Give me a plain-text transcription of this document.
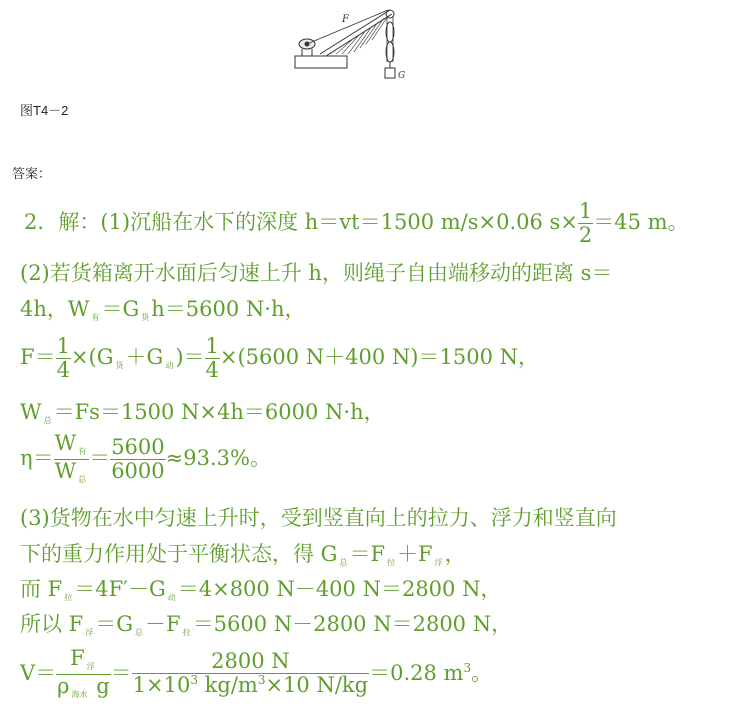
F
G
图T4－2
答案：
2．解：(1)沉船在水下的深度 h＝vt＝1500 m/s×0.06 $s\times \frac{1}{2} =45$ m。
(2)若货箱离开水面后匀速上升 h，则绳子自由端移动的距离 s＝
4h，W 有＝G 货h＝5600 N·h，
$F= \frac{1}{4} \times(G$ 货＋G 动)＝ $\frac{1}{4} \times(5600$ N＋400 N)＝1500 N，
W总＝Fs＝1500 N×4h＝6000 N·h，
η＝
W有
W总
＝ $\frac{5600}{6000} \approx 93.3\%$。
(3)货物在水中匀速上升时，受到竖直向上的拉力、浮力和竖直向
下的重力作用处于平衡状态，得 G 总＝F 拉＋F 浮，
而 F 拉＝4F′－G 动＝4×800 N－400 N＝2800 N，
所以 F 浮＝G 总－F 拉＝5600 N－2800 N＝2800 N，
V＝
F浮
ρ海水 g
＝ $\frac{2800 N}{1\times 10^3 kg/m^3\times 10 N/kg} =0.28$ $m^3$。
